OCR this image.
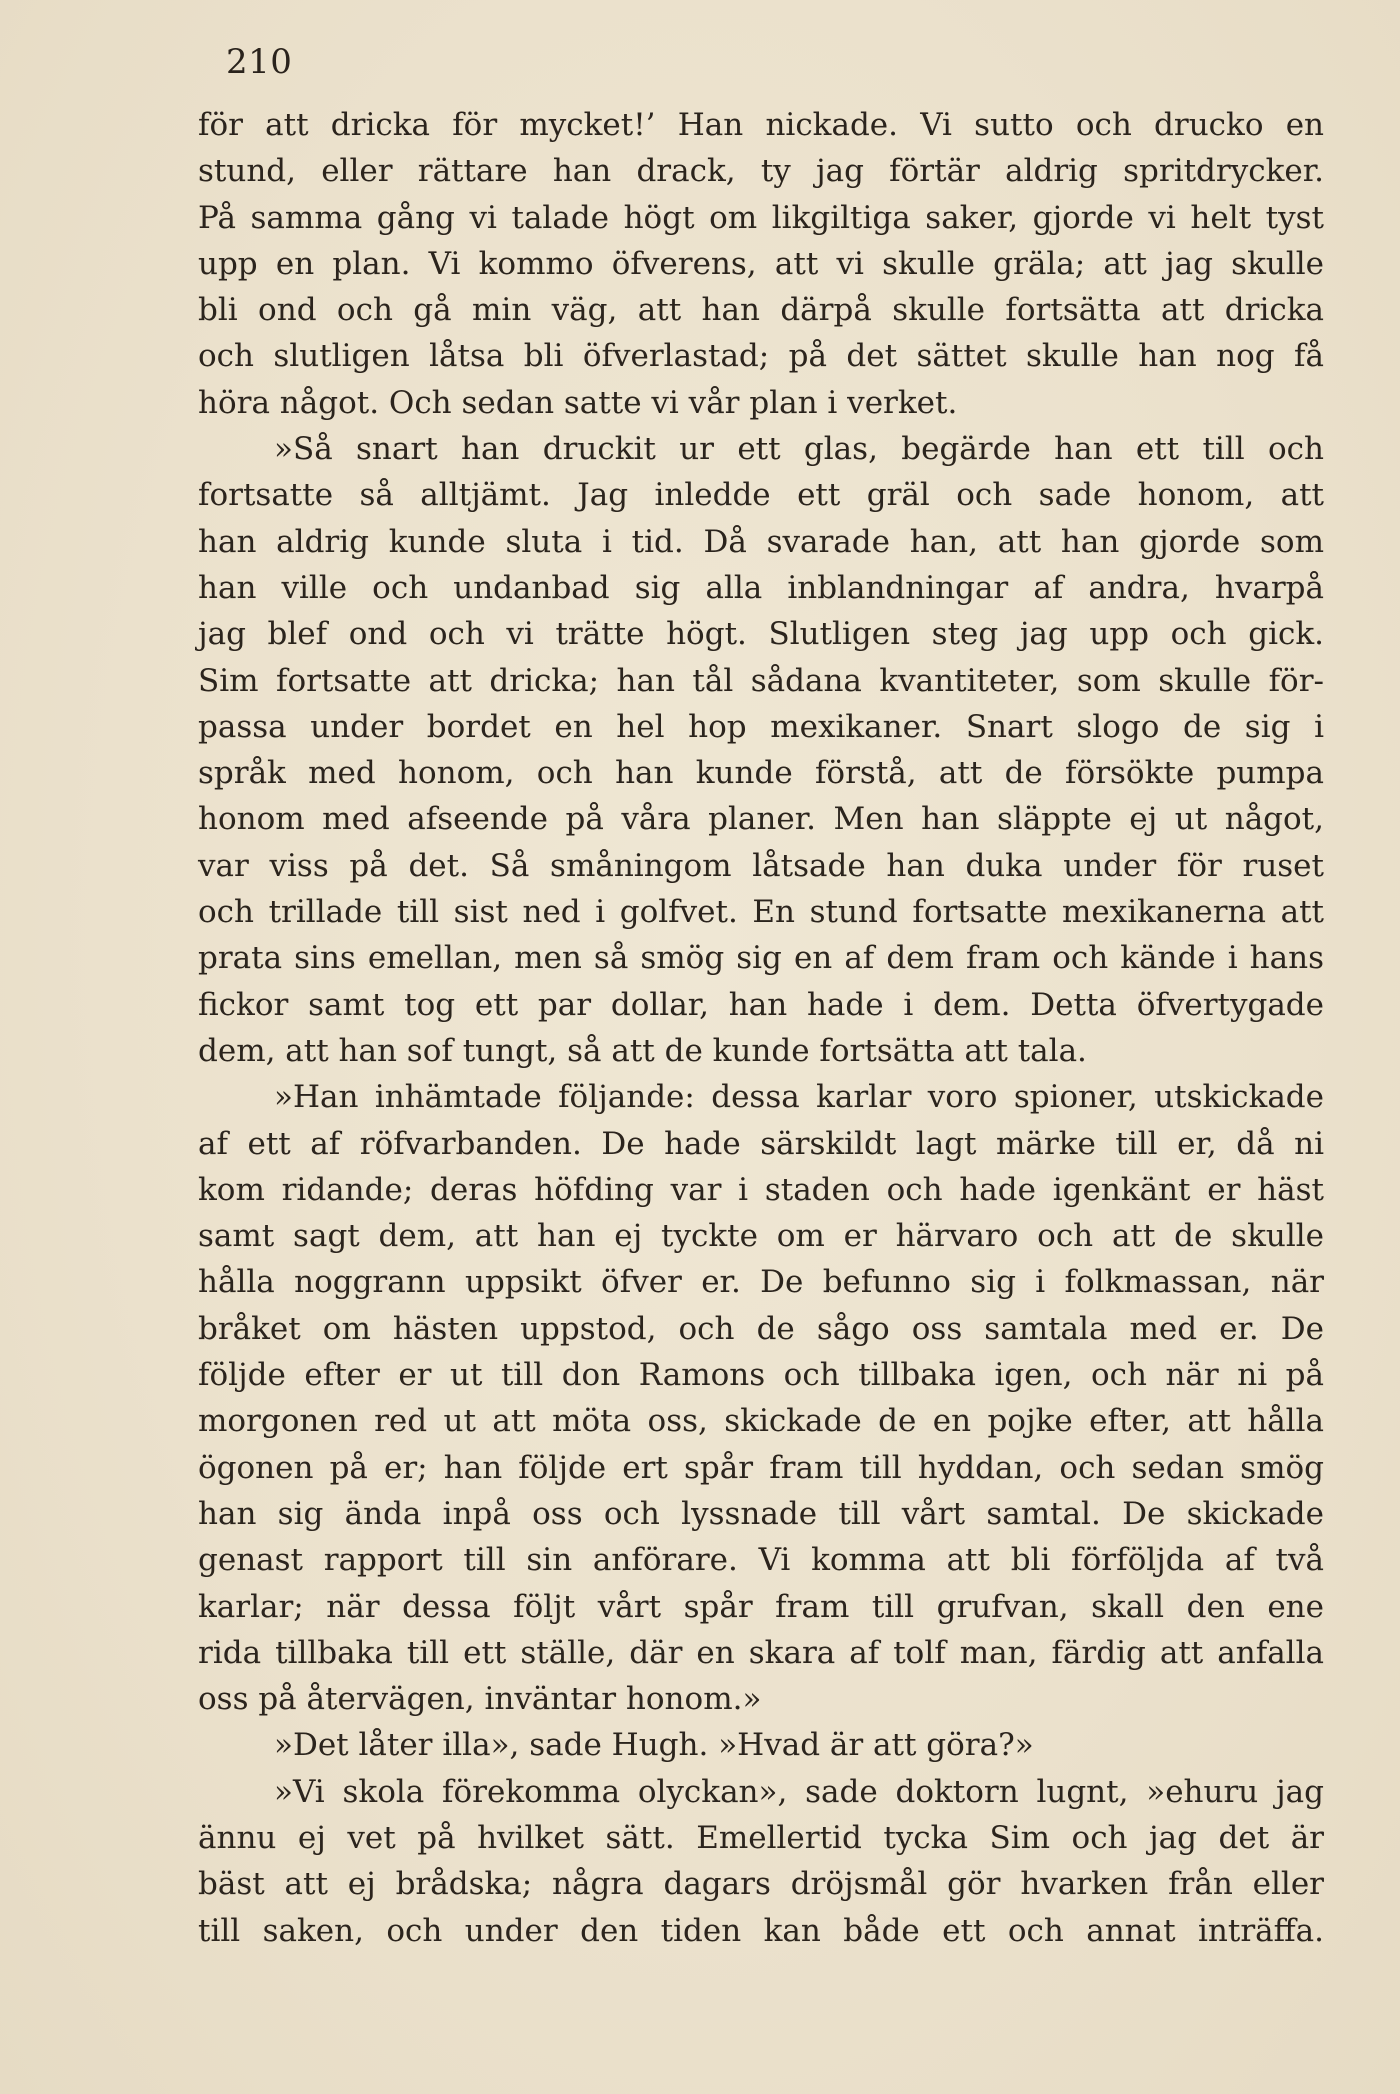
210
för att dricka för mycket!’ Han nickade. Vi sutto och drucko en
stund, eller rättare han drack, ty jag förtär aldrig spritdrycker.
På samma gång vi talade högt om likgiltiga saker, gjorde vi helt tyst
upp en plan. Vi kommo öfverens, att vi skulle gräla; att jag skulle
bli ond och gå min väg, att han därpå skulle fortsätta att dricka
och slutligen låtsa bli öfverlastad; på det sättet skulle han nog få
höra något. Och sedan satte vi vår plan i verket.
»Så snart han druckit ur ett glas, begärde han ett till och
fortsatte så alltjämt. Jag inledde ett gräl och sade honom, att
han aldrig kunde sluta i tid. Då svarade han, att han gjorde som
han ville och undanbad sig alla inblandningar af andra, hvarpå
jag blef ond och vi trätte högt. Slutligen steg jag upp och gick.
Sim fortsatte att dricka; han tål sådana kvantiteter, som skulle för-
passa under bordet en hel hop mexikaner. Snart slogo de sig i
språk med honom, och han kunde förstå, att de försökte pumpa
honom med afseende på våra planer. Men han släppte ej ut något,
var viss på det. Så småningom låtsade han duka under för ruset
och trillade till sist ned i golfvet. En stund fortsatte mexikanerna att
prata sins emellan, men så smög sig en af dem fram och kände i hans
fickor samt tog ett par dollar, han hade i dem. Detta öfvertygade
dem, att han sof tungt, så att de kunde fortsätta att tala.
»Han inhämtade följande: dessa karlar voro spioner, utskickade
af ett af röfvarbanden. De hade särskildt lagt märke till er, då ni
kom ridande; deras höfding var i staden och hade igenkänt er häst
samt sagt dem, att han ej tyckte om er härvaro och att de skulle
hålla noggrann uppsikt öfver er. De befunno sig i folkmassan, när
bråket om hästen uppstod, och de sågo oss samtala med er. De
följde efter er ut till don Ramons och tillbaka igen, och när ni på
morgonen red ut att möta oss, skickade de en pojke efter, att hålla
ögonen på er; han följde ert spår fram till hyddan, och sedan smög
han sig ända inpå oss och lyssnade till vårt samtal. De skickade
genast rapport till sin anförare. Vi komma att bli förföljda af två
karlar; när dessa följt vårt spår fram till grufvan, skall den ene
rida tillbaka till ett ställe, där en skara af tolf man, färdig att anfalla
oss på återvägen, inväntar honom.»
»Det låter illa», sade Hugh. »Hvad är att göra?»
»Vi skola förekomma olyckan», sade doktorn lugnt, »ehuru jag
ännu ej vet på hvilket sätt. Emellertid tycka Sim och jag det är
bäst att ej brådska; några dagars dröjsmål gör hvarken från eller
till saken, och under den tiden kan både ett och annat inträffa.
